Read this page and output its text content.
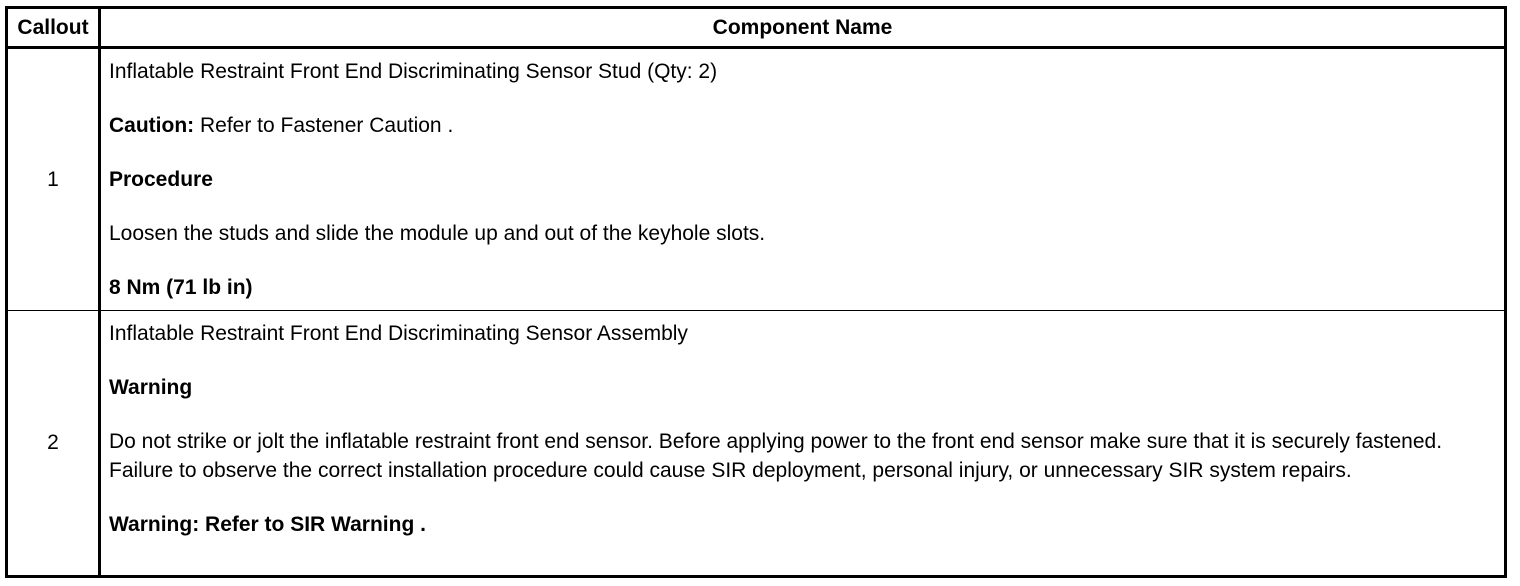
Callout	Component Name
1
Inflatable Restraint Front End Discriminating Sensor Stud (Qty: 2)
Caution: Refer to Fastener Caution .
Procedure
Loosen the studs and slide the module up and out of the keyhole slots.
8 Nm (71 lb in)
2
Inflatable Restraint Front End Discriminating Sensor Assembly
Warning
Do not strike or jolt the inflatable restraint front end sensor. Before applying power to the front end sensor make sure that it is securely fastened. Failure to observe the correct installation procedure could cause SIR deployment, personal injury, or unnecessary SIR system repairs.
Warning: Refer to SIR Warning .
